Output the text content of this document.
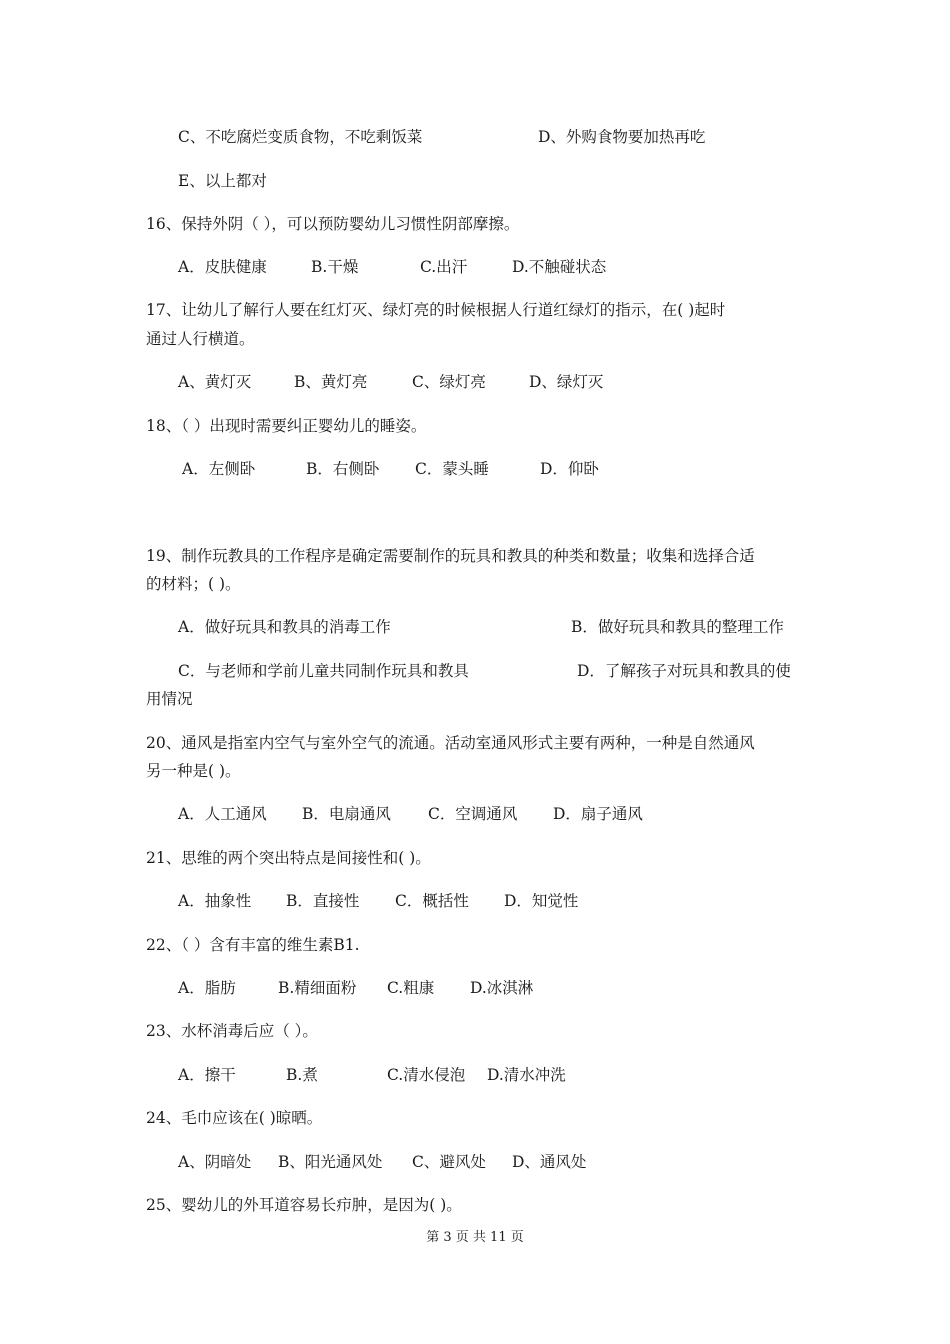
C、不吃腐烂变质食物，不吃剩饭菜	D、外购食物要加热再吃
E、以上都对
16、保持外阴（ ），可以预防婴幼儿习惯性阴部摩擦。
A．皮肤健康	B.干燥	C.出汗	D.不触碰状态
17、让幼儿了解行人要在红灯灭、绿灯亮的时候根据人行道红绿灯的指示，在( )起时
通过人行横道。
A、黄灯灭	B、黄灯亮	C、绿灯亮	D、绿灯灭
18、（ ）出现时需要纠正婴幼儿的睡姿。
A．左侧卧	B．右侧卧 C．蒙头睡	D．仰卧
19、制作玩教具的工作程序是确定需要制作的玩具和教具的种类和数量；收集和选择合适
的材料；( )。
A．做好玩具和教具的消毒工作	B．做好玩具和教具的整理工作
C．与老师和学前儿童共同制作玩具和教具	D．了解孩子对玩具和教具的使
用情况
20、通风是指室内空气与室外空气的流通。活动室通风形式主要有两种，一种是自然通风
另一种是( )。
A．人工通风 B．电扇通风 C．空调通风 D．扇子通风
21、思维的两个突出特点是间接性和( )。
A．抽象性 B．直接性 C．概括性 D．知觉性
22、（ ）含有丰富的维生素B1.
A．脂肪	B.精细面粉 C.粗康 D.冰淇淋
23、水杯消毒后应（ ）。
A．擦干	B.煮	C.清水侵泡 D.清水冲洗
24、毛巾应该在( )晾晒。
A、阴暗处 B、阳光通风处 C、避风处 D、通风处
25、婴幼儿的外耳道容易长疖肿，是因为( )。
第 3 页 共 11 页
